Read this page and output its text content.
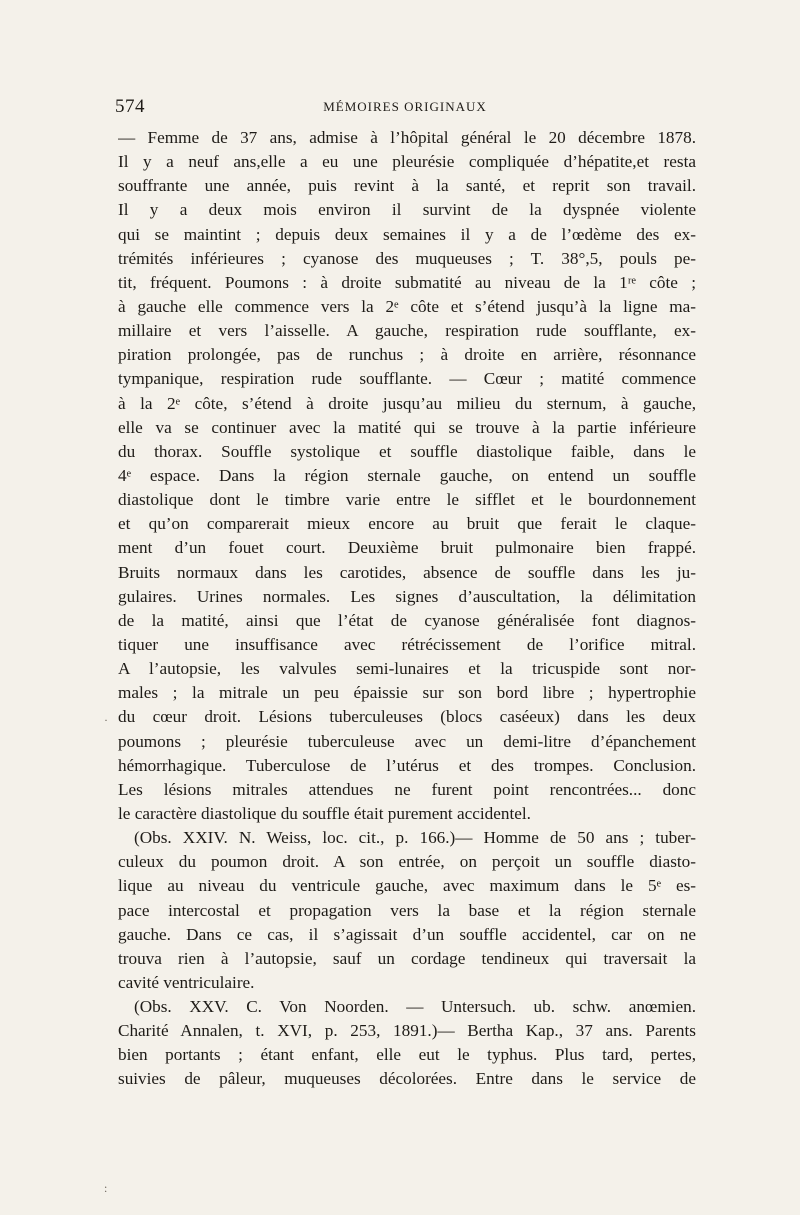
574	MÉMOIRES ORIGINAUX
— Femme de 37 ans, admise à l’hôpital général le 20 décembre 1878.
Il y a neuf ans,elle a eu une pleurésie compliquée d’hépatite,et resta
souffrante une année, puis revint à la santé, et reprit son travail.
Il y a deux mois environ il survint de la dyspnée violente
qui se maintint ; depuis deux semaines il y a de l’œdème des ex-
trémités inférieures ; cyanose des muqueuses ; T. 38°,5, pouls pe-
tit, fréquent. Poumons : à droite submatité au niveau de la 1ʳᵉ côte ;
à gauche elle commence vers la 2ᵉ côte et s’étend jusqu’à la ligne ma-
millaire et vers l’aisselle. A gauche, respiration rude soufflante, ex-
piration prolongée, pas de runchus ; à droite en arrière, résonnance
tympanique, respiration rude soufflante. — Cœur ; matité commence
à la 2ᵉ côte, s’étend à droite jusqu’au milieu du sternum, à gauche,
elle va se continuer avec la matité qui se trouve à la partie inférieure
du thorax. Souffle systolique et souffle diastolique faible, dans le
4ᵉ espace. Dans la région sternale gauche, on entend un souffle
diastolique dont le timbre varie entre le sifflet et le bourdonnement
et qu’on comparerait mieux encore au bruit que ferait le claque-
ment d’un fouet court. Deuxième bruit pulmonaire bien frappé.
Bruits normaux dans les carotides, absence de souffle dans les ju-
gulaires. Urines normales. Les signes d’auscultation, la délimitation
de la matité, ainsi que l’état de cyanose généralisée font diagnos-
tiquer une insuffisance avec rétrécissement de l’orifice mitral.
A l’autopsie, les valvules semi-lunaires et la tricuspide sont nor-
males ; la mitrale un peu épaissie sur son bord libre ; hypertrophie
du cœur droit. Lésions tuberculeuses (blocs caséeux) dans les deux
poumons ; pleurésie tuberculeuse avec un demi-litre d’épanchement
hémorrhagique. Tuberculose de l’utérus et des trompes. Conclusion.
Les lésions mitrales attendues ne furent point rencontrées... donc
le caractère diastolique du souffle était purement accidentel.
(Obs. XXIV. N. Weiss, loc. cit., p. 166.)— Homme de 50 ans ; tuber-
culeux du poumon droit. A son entrée, on perçoit un souffle diasto-
lique au niveau du ventricule gauche, avec maximum dans le 5ᵉ es-
pace intercostal et propagation vers la base et la région sternale
gauche. Dans ce cas, il s’agissait d’un souffle accidentel, car on ne
trouva rien à l’autopsie, sauf un cordage tendineux qui traversait la
cavité ventriculaire.
(Obs. XXV. C. Von Noorden. — Untersuch. ub. schw. anœmien.
Charité Annalen, t. XVI, p. 253, 1891.)— Bertha Kap., 37 ans. Parents
bien portants ; étant enfant, elle eut le typhus. Plus tard, pertes,
suivies de pâleur, muqueuses décolorées. Entre dans le service de
·
:
